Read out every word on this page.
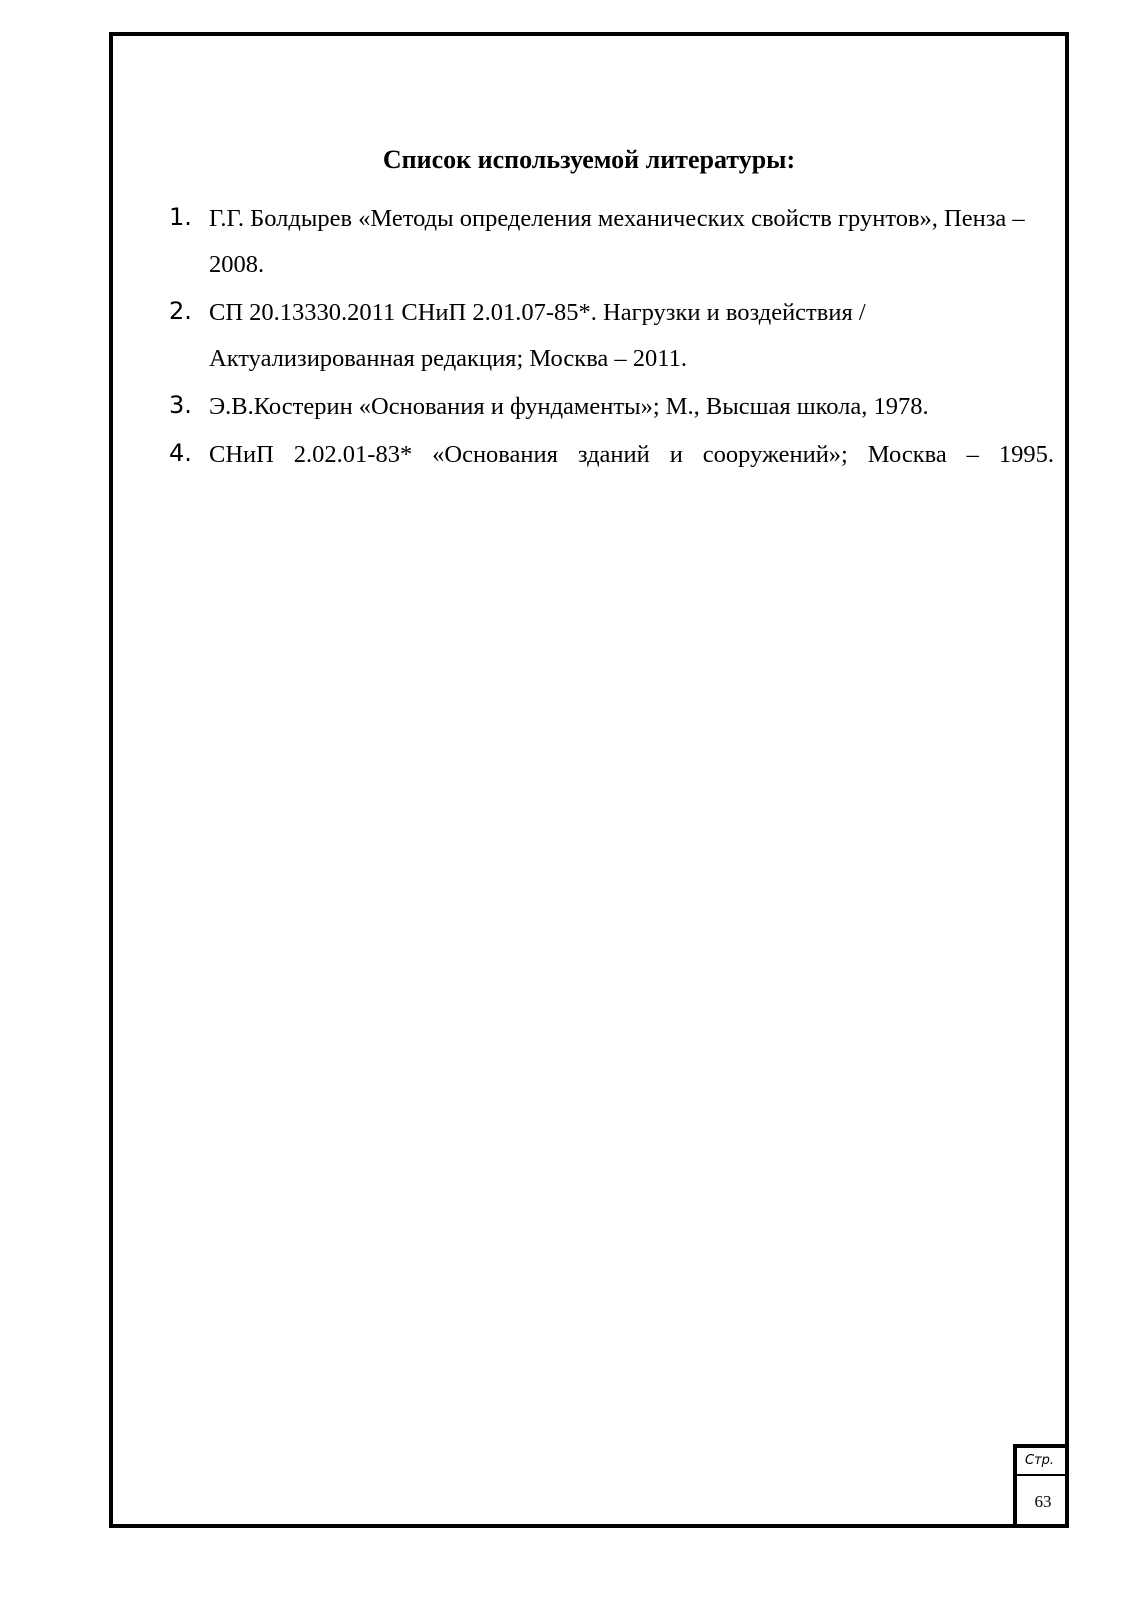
Список используемой литературы:
1. Г.Г. Болдырев «Методы определения механических свойств грунтов», Пенза – 2008.
2. СП 20.13330.2011 СНиП 2.01.07-85*. Нагрузки и воздействия / Актуализированная редакция; Москва – 2011.
3. Э.В.Костерин «Основания и фундаменты»; М., Высшая школа, 1978.
4. СНиП 2.02.01-83* «Основания зданий и сооружений»; Москва – 1995.
Стр.
63
